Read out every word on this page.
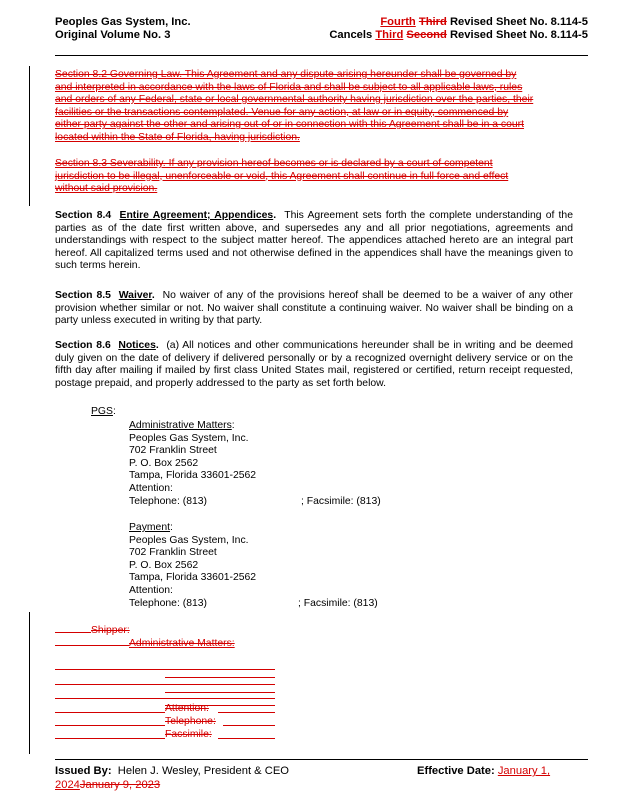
Peoples Gas System, Inc.
Original Volume No. 3
Fourth Third Revised Sheet No. 8.114-5
Cancels Third Second Revised Sheet No. 8.114-5
Section 8.2 Governing Law. This Agreement and any dispute arising hereunder shall be governed by
and interpreted in accordance with the laws of Florida and shall be subject to all applicable laws, rules
and orders of any Federal, state or local governmental authority having jurisdiction over the parties, their
facilities or the transactions contemplated. Venue for any action, at law or in equity, commenced by
either party against the other and arising out of or in connection with this Agreement shall be in a court
located within the State of Florida, having jurisdiction.
Section 8.3 Severability. If any provision hereof becomes or is declared by a court of competent
jurisdiction to be illegal, unenforceable or void, this Agreement shall continue in full force and effect
without said provision.
Section 8.4 Entire Agreement; Appendices. This Agreement sets forth the complete understanding of the parties as of the date first written above, and supersedes any and all prior negotiations, agreements and understandings with respect to the subject matter hereof. The appendices attached hereto are an integral part hereof. All capitalized terms used and not otherwise defined in the appendices shall have the meanings given to such terms herein.
Section 8.5 Waiver. No waiver of any of the provisions hereof shall be deemed to be a waiver of any other provision whether similar or not. No waiver shall constitute a continuing waiver. No waiver shall be binding on a party unless executed in writing by that party.
Section 8.6 Notices. (a) All notices and other communications hereunder shall be in writing and be deemed duly given on the date of delivery if delivered personally or by a recognized overnight delivery service or on the fifth day after mailing if mailed by first class United States mail, registered or certified, return receipt requested, postage prepaid, and properly addressed to the party as set forth below.
PGS:
Administrative Matters:
Peoples Gas System, Inc.
702 Franklin Street
P. O. Box 2562
Tampa, Florida 33601-2562
Attention:
Telephone: (813)	; Facsimile: (813)
Payment:
Peoples Gas System, Inc.
702 Franklin Street
P. O. Box 2562
Tampa, Florida 33601-2562
Attention:
Telephone: (813)	; Facsimile: (813)
Shipper:
Administrative Matters:
Attention:
Telephone:
Facsimile:
Issued By: Helen J. Wesley, President & CEO	Effective Date: January 1,
2024January 9, 2023
